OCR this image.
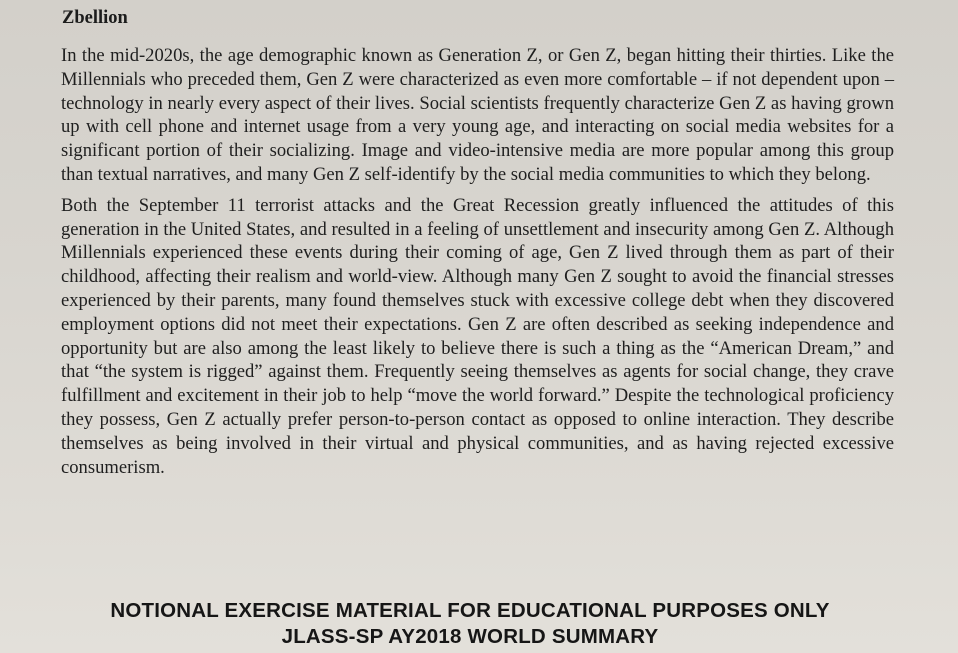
Zbellion

In the mid-2020s, the age demographic known as Generation Z, or Gen Z, began hitting their thirties. Like the Millennials who preceded them, Gen Z were characterized as even more comfortable – if not dependent upon – technology in nearly every aspect of their lives. Social scientists frequently characterize Gen Z as having grown up with cell phone and internet usage from a very young age, and interacting on social media websites for a significant portion of their socializing. Image and video-intensive media are more popular among this group than textual narratives, and many Gen Z self-identify by the social media communities to which they belong.

Both the September 11 terrorist attacks and the Great Recession greatly influenced the attitudes of this generation in the United States, and resulted in a feeling of unsettlement and insecurity among Gen Z. Although Millennials experienced these events during their coming of age, Gen Z lived through them as part of their childhood, affecting their realism and world-view. Although many Gen Z sought to avoid the financial stresses experienced by their parents, many found themselves stuck with excessive college debt when they discovered employment options did not meet their expectations. Gen Z are often described as seeking independence and opportunity but are also among the least likely to believe there is such a thing as the “American Dream,” and that “the system is rigged” against them. Frequently seeing themselves as agents for social change, they crave fulfillment and excitement in their job to help “move the world forward.” Despite the technological proficiency they possess, Gen Z actually prefer person-to-person contact as opposed to online interaction. They describe themselves as being involved in their virtual and physical communities, and as having rejected excessive consumerism.

NOTIONAL EXERCISE MATERIAL FOR EDUCATIONAL PURPOSES ONLY
JLASS-SP AY2018 WORLD SUMMARY
